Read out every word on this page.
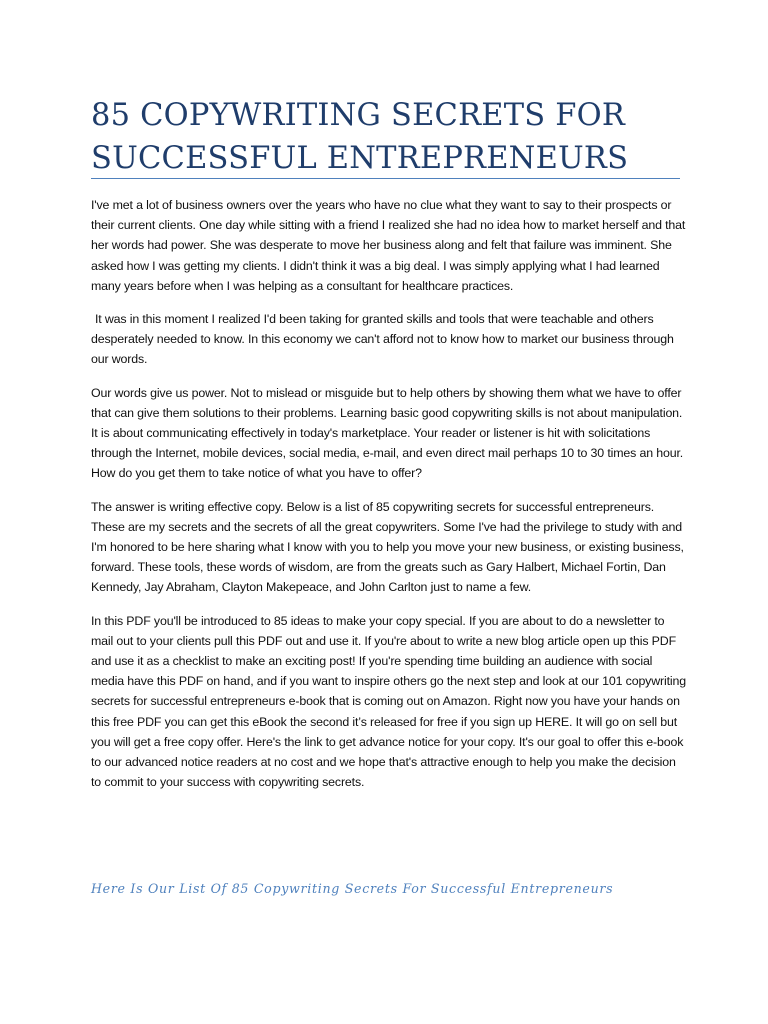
85 COPYWRITING SECRETS FOR
SUCCESSFUL ENTREPRENEURS

I've met a lot of business owners over the years who have no clue what they want to say to their prospects or their current clients. One day while sitting with a friend I realized she had no idea how to market herself and that her words had power. She was desperate to move her business along and felt that failure was imminent. She asked how I was getting my clients. I didn't think it was a big deal. I was simply applying what I had learned many years before when I was helping as a consultant for healthcare practices.

It was in this moment I realized I'd been taking for granted skills and tools that were teachable and others desperately needed to know. In this economy we can't afford not to know how to market our business through our words.

Our words give us power. Not to mislead or misguide but to help others by showing them what we have to offer that can give them solutions to their problems. Learning basic good copywriting skills is not about manipulation. It is about communicating effectively in today's marketplace. Your reader or listener is hit with solicitations through the Internet, mobile devices, social media, e-mail, and even direct mail perhaps 10 to 30 times an hour. How do you get them to take notice of what you have to offer?

The answer is writing effective copy. Below is a list of 85 copywriting secrets for successful entrepreneurs. These are my secrets and the secrets of all the great copywriters. Some I've had the privilege to study with and I'm honored to be here sharing what I know with you to help you move your new business, or existing business, forward. These tools, these words of wisdom, are from the greats such as Gary Halbert, Michael Fortin, Dan Kennedy, Jay Abraham, Clayton Makepeace, and John Carlton just to name a few.

In this PDF you'll be introduced to 85 ideas to make your copy special. If you are about to do a newsletter to mail out to your clients pull this PDF out and use it. If you're about to write a new blog article open up this PDF and use it as a checklist to make an exciting post! If you're spending time building an audience with social media have this PDF on hand, and if you want to inspire others go the next step and look at our 101 copywriting secrets for successful entrepreneurs e-book that is coming out on Amazon. Right now you have your hands on this free PDF you can get this eBook the second it’s released for free if you sign up HERE. It will go on sell but you will get a free copy offer. Here's the link to get advance notice for your copy. It's our goal to offer this e-book to our advanced notice readers at no cost and we hope that's attractive enough to help you make the decision to commit to your success with copywriting secrets.

Here Is Our List Of 85 Copywriting Secrets For Successful Entrepreneurs
